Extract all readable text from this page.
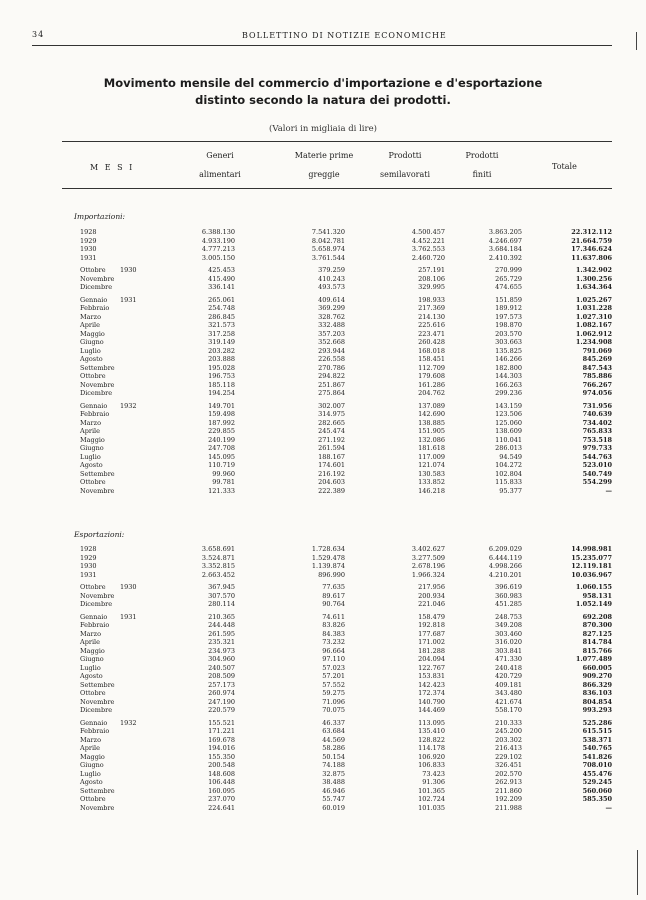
34	BOLLETTINO DI NOTIZIE ECONOMICHE
Movimento mensile del commercio d'importazione e d'esportazione
distinto secondo la natura dei prodotti.
(Valori in migliaia di lire)
M E S I
Generi
alimentari
Materie prime
greggie
Prodotti
semilavorati
Prodotti
finiti
Totale
Importazioni:
1928	6.388.130	7.541.320	4.500.457	3.863.205	22.312.112
1929	4.933.190	8.042.781	4.452.221	4.246.697	21.664.759
1930	4.777.213	5.658.974	3.762.553	3.684.184	17.346.624
1931	3.005.150	3.761.544	2.460.720	2.410.392	11.637.806
Ottobre 1930	425.453	379.259	257.191	270.999	1.342.902
Novembre	415.490	410.243	208.106	265.729	1.300.256
Dicembre	336.141	493.573	329.995	474.655	1.634.364
Gennaio 1931	265.061	409.614	198.933	151.859	1.025.267
Febbraio	254.748	369.299	217.369	189.912	1.031.228
Marzo	286.845	328.762	214.130	197.573	1.027.310
Aprile	321.573	332.488	225.616	198.870	1.082.167
Maggio	317.258	357.203	223.471	203.570	1.062.912
Giugno	319.149	352.668	260.428	303.663	1.234.908
Luglio	203.282	293.944	168.018	135.825	791.069
Agosto	203.888	226.558	158.451	146.266	845.269
Settembre	195.028	270.786	112.709	182.800	847.543
Ottobre	196.753	294.822	179.608	144.303	785.886
Novembre	185.118	251.867	161.286	166.263	766.267
Dicembre	194.254	275.864	204.762	299.236	974.056
Gennaio 1932	149.701	302.007	137.089	143.159	731.956
Febbraio	159.498	314.975	142.690	123.506	740.639
Marzo	187.992	282.665	138.885	125.060	734.402
Aprile	229.855	245.474	151.905	138.609	765.833
Maggio	240.199	271.192	132.086	110.041	753.518
Giugno	247.708	261.594	181.618	286.013	979.733
Luglio	145.095	188.167	117.009	94.549	544.763
Agosto	110.719	174.601	121.074	104.272	523.010
Settembre	99.960	216.192	130.583	102.804	540.749
Ottobre	99.781	204.603	133.852	115.833	554.299
Novembre	121.333	222.389	146.218	95.377	—
Esportazioni:
1928	3.658.691	1.728.634	3.402.627	6.209.029	14.998.981
1929	3.524.871	1.529.478	3.277.509	6.444.119	15.235.077
1930	3.352.815	1.139.874	2.678.196	4.998.266	12.119.181
1931	2.663.452	896.990	1.966.324	4.210.201	10.036.967
Ottobre 1930	367.945	77.635	217.956	396.619	1.060.155
Novembre	307.570	89.617	200.934	360.983	958.131
Dicembre	280.114	90.764	221.046	451.285	1.052.149
Gennaio 1931	210.365	74.611	158.479	248.753	692.208
Febbraio	244.448	83.826	192.818	349.208	870.300
Marzo	261.595	84.383	177.687	303.460	827.125
Aprile	235.321	73.232	171.002	316.020	814.784
Maggio	234.973	96.664	181.288	303.841	815.766
Giugno	304.960	97.110	204.094	471.330	1.077.489
Luglio	240.507	57.023	122.767	240.418	660.005
Agosto	208.509	57.201	153.831	420.729	909.270
Settembre	257.173	57.552	142.423	409.181	866.329
Ottobre	260.974	59.275	172.374	343.480	836.103
Novembre	247.190	71.096	140.790	421.674	804.854
Dicembre	220.579	70.075	144.469	558.170	993.293
Gennaio 1932	155.521	46.337	113.095	210.333	525.286
Febbraio	171.221	63.684	135.410	245.200	615.515
Marzo	169.678	44.569	128.822	203.302	538.371
Aprile	194.016	58.286	114.178	216.413	540.765
Maggio	155.350	50.154	106.920	229.102	541.826
Giugno	200.548	74.188	106.833	326.451	708.010
Luglio	148.608	32.875	73.423	202.570	455.476
Agosto	106.448	38.488	91.306	262.913	529.245
Settembre	160.095	46.946	101.365	211.860	560.060
Ottobre	237.070	55.747	102.724	192.209	585.350
Novembre	224.641	60.019	101.035	211.988	—
